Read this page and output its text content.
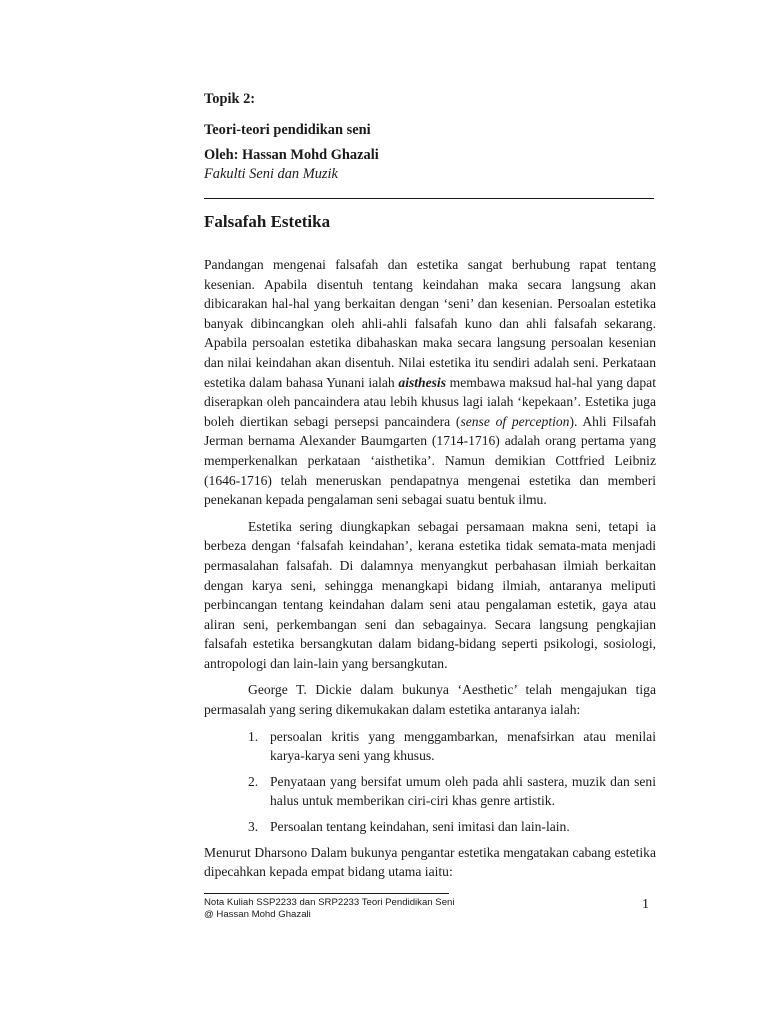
Topik 2:

Teori-teori pendidikan seni

Oleh: Hassan Mohd Ghazali

Fakulti Seni dan Muzik

Falsafah Estetika

Pandangan mengenai falsafah dan estetika sangat berhubung rapat tentang kesenian. Apabila disentuh tentang keindahan maka secara langsung akan dibicarakan hal-hal yang berkaitan dengan ‘seni’ dan kesenian. Persoalan estetika banyak dibincangkan oleh ahli-ahli falsafah kuno dan ahli falsafah sekarang. Apabila persoalan estetika dibahaskan maka secara langsung persoalan kesenian dan nilai keindahan akan disentuh. Nilai estetika itu sendiri adalah seni. Perkataan estetika dalam bahasa Yunani ialah aisthesis membawa maksud hal-hal yang dapat diserapkan oleh pancaindera atau lebih khusus lagi ialah ‘kepekaan’. Estetika juga boleh diertikan sebagi persepsi pancaindera (sense of perception). Ahli Filsafah Jerman bernama Alexander Baumgarten (1714-1716) adalah orang pertama yang memperkenalkan perkataan ‘aisthetika’. Namun demikian Cottfried Leibniz (1646-1716) telah meneruskan pendapatnya mengenai estetika dan memberi penekanan kepada pengalaman seni sebagai suatu bentuk ilmu.

Estetika sering diungkapkan sebagai persamaan makna seni, tetapi ia berbeza dengan ‘falsafah keindahan’, kerana estetika tidak semata-mata menjadi permasalahan falsafah. Di dalamnya menyangkut perbahasan ilmiah berkaitan dengan karya seni, sehingga menangkapi bidang ilmiah, antaranya meliputi perbincangan tentang keindahan dalam seni atau pengalaman estetik, gaya atau aliran seni, perkembangan seni dan sebagainya. Secara langsung pengkajian falsafah estetika bersangkutan dalam bidang-bidang seperti psikologi, sosiologi, antropologi dan lain-lain yang bersangkutan.

George T. Dickie dalam bukunya ‘Aesthetic’ telah mengajukan tiga permasalah yang sering dikemukakan dalam estetika antaranya ialah:

1. persoalan kritis yang menggambarkan, menafsirkan atau menilai karya-karya seni yang khusus.
2. Penyataan yang bersifat umum oleh pada ahli sastera, muzik dan seni halus untuk memberikan ciri-ciri khas genre artistik.
3. Persoalan tentang keindahan, seni imitasi dan lain-lain.

Menurut Dharsono Dalam bukunya pengantar estetika mengatakan cabang estetika dipecahkan kepada empat bidang utama iaitu:

Nota Kuliah SSP2233 dan SRP2233 Teori Pendidikan Seni
@ Hassan Mohd Ghazali
1
